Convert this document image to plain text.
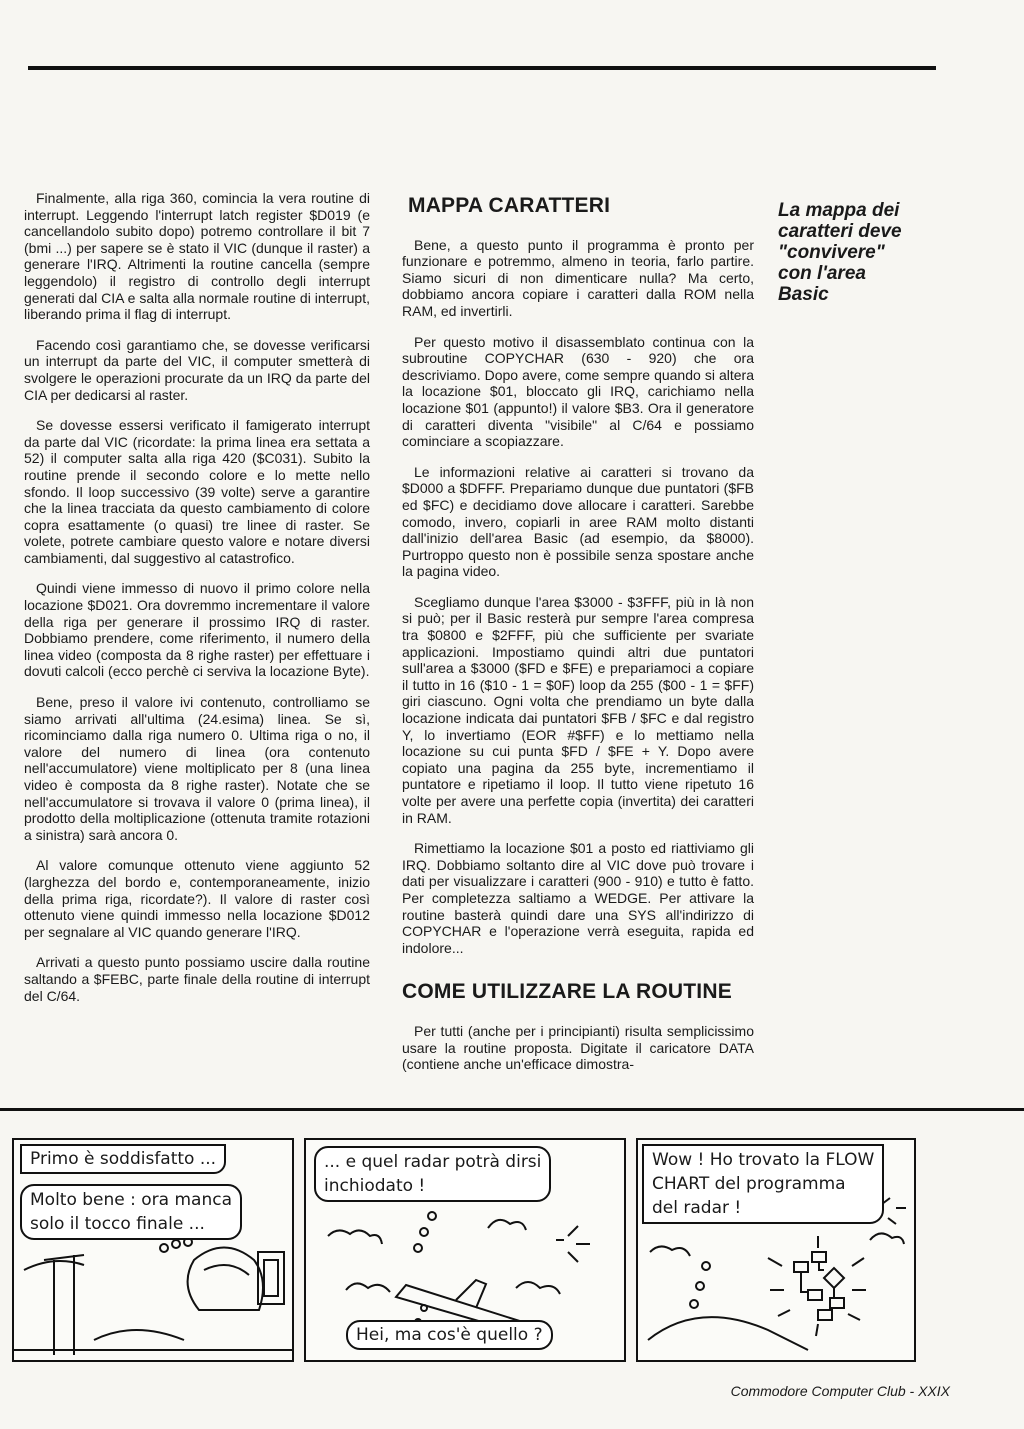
Finalmente, alla riga 360, comincia la vera routine di interrupt. Leggendo l'interrupt latch register $D019 (e cancellandolo subito dopo) potremo controllare il bit 7 (bmi ...) per sapere se è stato il VIC (dunque il raster) a generare l'IRQ. Altrimenti la routine cancella (sempre leggendolo) il registro di controllo degli interrupt generati dal CIA e salta alla normale routine di interrupt, liberando prima il flag di interrupt.

Facendo così garantiamo che, se dovesse verificarsi un interrupt da parte del VIC, il computer smetterà di svolgere le operazioni procurate da un IRQ da parte del CIA per dedicarsi al raster.

Se dovesse essersi verificato il famigerato interrupt da parte dal VIC (ricordate: la prima linea era settata a 52) il computer salta alla riga 420 ($C031). Subito la routine prende il secondo colore e lo mette nello sfondo. Il loop successivo (39 volte) serve a garantire che la linea tracciata da questo cambiamento di colore copra esattamente (o quasi) tre linee di raster. Se volete, potrete cambiare questo valore e notare diversi cambiamenti, dal suggestivo al catastrofico.

Quindi viene immesso di nuovo il primo colore nella locazione $D021. Ora dovremmo incrementare il valore della riga per generare il prossimo IRQ di raster. Dobbiamo prendere, come riferimento, il numero della linea video (composta da 8 righe raster) per effettuare i dovuti calcoli (ecco perchè ci serviva la locazione Byte).

Bene, preso il valore ivi contenuto, controlliamo se siamo arrivati all'ultima (24.esima) linea. Se sì, ricominciamo dalla riga numero 0. Ultima riga o no, il valore del numero di linea (ora contenuto nell'accumulatore) viene moltiplicato per 8 (una linea video è composta da 8 righe raster). Notate che se nell'accumulatore si trovava il valore 0 (prima linea), il prodotto della moltiplicazione (ottenuta tramite rotazioni a sinistra) sarà ancora 0.

Al valore comunque ottenuto viene aggiunto 52 (larghezza del bordo e, contemporaneamente, inizio della prima riga, ricordate?). Il valore di raster così ottenuto viene quindi immesso nella locazione $D012 per segnalare al VIC quando generare l'IRQ.

Arrivati a questo punto possiamo uscire dalla routine saltando a $FEBC, parte finale della routine di interrupt del C/64.

MAPPA CARATTERI

Bene, a questo punto il programma è pronto per funzionare e potremmo, almeno in teoria, farlo partire. Siamo sicuri di non dimenticare nulla? Ma certo, dobbiamo ancora copiare i caratteri dalla ROM nella RAM, ed invertirli.

Per questo motivo il disassemblato continua con la subroutine COPYCHAR (630 - 920) che ora descriviamo. Dopo avere, come sempre quando si altera la locazione $01, bloccato gli IRQ, carichiamo nella locazione $01 (appunto!) il valore $B3. Ora il generatore di caratteri diventa "visibile" al C/64 e possiamo cominciare a scopiazzare.

Le informazioni relative ai caratteri si trovano da $D000 a $DFFF. Prepariamo dunque due puntatori ($FB ed $FC) e decidiamo dove allocare i caratteri. Sarebbe comodo, invero, copiarli in aree RAM molto distanti dall'inizio dell'area Basic (ad esempio, da $8000). Purtroppo questo non è possibile senza spostare anche la pagina video.

Scegliamo dunque l'area $3000 - $3FFF, più in là non si può; per il Basic resterà pur sempre l'area compresa tra $0800 e $2FFF, più che sufficiente per svariate applicazioni. Impostiamo quindi altri due puntatori sull'area a $3000 ($FD e $FE) e prepariamoci a copiare il tutto in 16 ($10 - 1 = $0F) loop da 255 ($00 - 1 = $FF) giri ciascuno. Ogni volta che prendiamo un byte dalla locazione indicata dai puntatori $FB / $FC e dal registro Y, lo invertiamo (EOR #$FF) e lo mettiamo nella locazione su cui punta $FD / $FE + Y. Dopo avere copiato una pagina da 255 byte, incrementiamo il puntatore e ripetiamo il loop. Il tutto viene ripetuto 16 volte per avere una perfette copia (invertita) dei caratteri in RAM.

Rimettiamo la locazione $01 a posto ed riattiviamo gli IRQ. Dobbiamo soltanto dire al VIC dove può trovare i dati per visualizzare i caratteri (900 - 910) e tutto è fatto. Per completezza saltiamo a WEDGE. Per attivare la routine basterà quindi dare una SYS all'indirizzo di COPYCHAR e l'operazione verrà eseguita, rapida ed indolore...

COME UTILIZZARE LA ROUTINE

Per tutti (anche per i principianti) risulta semplicissimo usare la routine proposta. Digitate il caricatore DATA (contiene anche un'efficace dimostra-

La mappa dei
caratteri deve
"convivere"
con l'area
Basic
Primo è soddisfatto ...
Molto bene : ora manca
solo il tocco finale ...
... e quel radar potrà dirsi
inchiodato !
Hei, ma cos'è quello ?
Wow ! Ho trovato la FLOW
CHART del programma
del radar !
Commodore Computer Club - XXIX
